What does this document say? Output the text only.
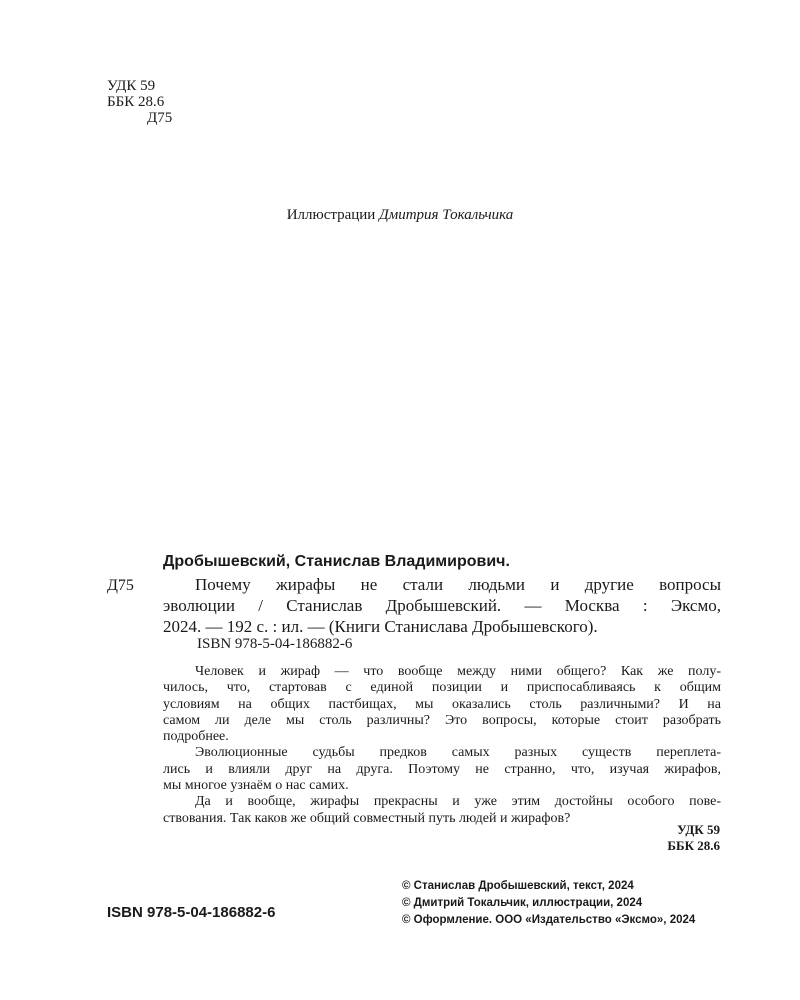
УДК 59
ББК 28.6
Д75
Иллюстрации Дмитрия Токальчика
Дробышевский, Станислав Владимирович.
Д75	Почему жирафы не стали людьми и другие вопросы
эволюции / Станислав Дробышевский. — Москва : Эксмо,
2024. — 192 с. : ил. — (Книги Станислава Дробышевского).
ISBN 978-5-04-186882-6
Человек и жираф — что вообще между ними общего? Как же полу-
чилось, что, стартовав с единой позиции и приспосабливаясь к общим
условиям на общих пастбищах, мы оказались столь различными? И на
самом ли деле мы столь различны? Это вопросы, которые стоит разобрать
подробнее.
Эволюционные судьбы предков самых разных существ переплета-
лись и влияли друг на друга. Поэтому не странно, что, изучая жирафов,
мы многое узнаём о нас самих.
Да и вообще, жирафы прекрасны и уже этим достойны особого пове-
ствования. Так каков же общий совместный путь людей и жирафов?
УДК 59
ББК 28.6
ISBN 978-5-04-186882-6
© Станислав Дробышевский, текст, 2024
© Дмитрий Токальчик, иллюстрации, 2024
© Оформление. ООО «Издательство «Эксмо», 2024
